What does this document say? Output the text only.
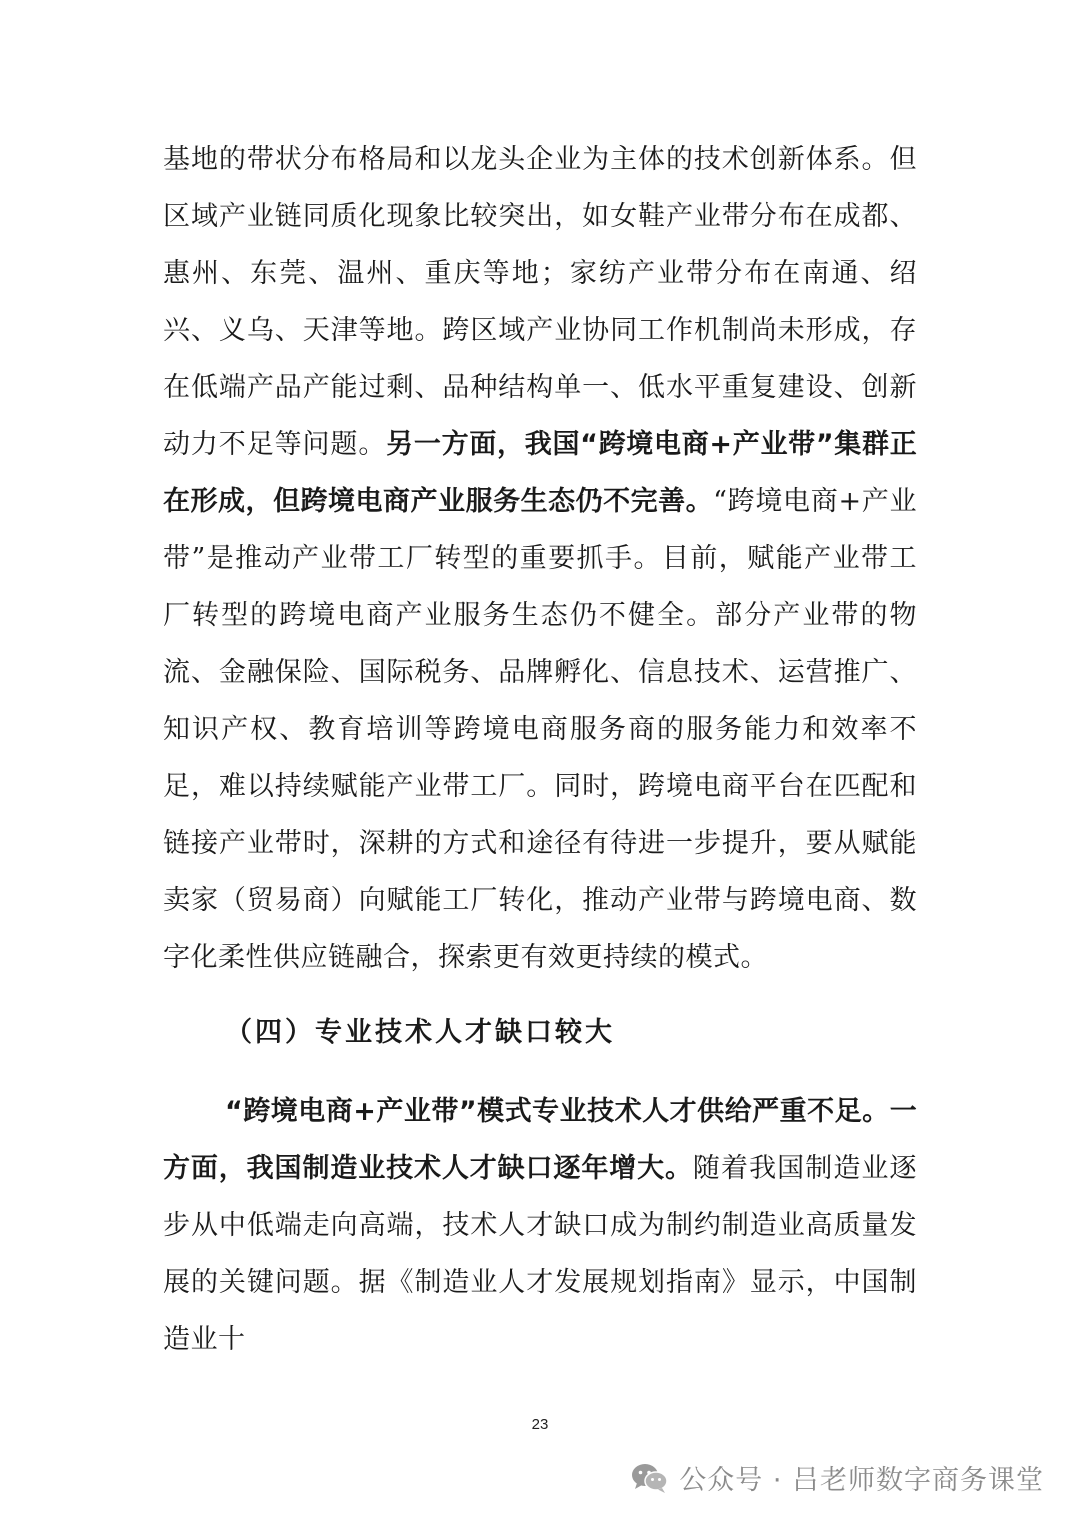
基地的带状分布格局和以龙头企业为主体的技术创新体系。但区域产业链同质化现象比较突出，如女鞋产业带分布在成都、惠州、东莞、温州、重庆等地；家纺产业带分布在南通、绍兴、义乌、天津等地。跨区域产业协同工作机制尚未形成，存在低端产品产能过剩、品种结构单一、低水平重复建设、创新动力不足等问题。另一方面，我国“跨境电商+产业带”集群正在形成，但跨境电商产业服务生态仍不完善。“跨境电商+产业带”是推动产业带工厂转型的重要抓手。目前，赋能产业带工厂转型的跨境电商产业服务生态仍不健全。部分产业带的物流、金融保险、国际税务、品牌孵化、信息技术、运营推广、知识产权、教育培训等跨境电商服务商的服务能力和效率不足，难以持续赋能产业带工厂。同时，跨境电商平台在匹配和链接产业带时，深耕的方式和途径有待进一步提升，要从赋能卖家（贸易商）向赋能工厂转化，推动产业带与跨境电商、数字化柔性供应链融合，探索更有效更持续的模式。
（四）专业技术人才缺口较大
“跨境电商+产业带”模式专业技术人才供给严重不足。一方面，我国制造业技术人才缺口逐年增大。随着我国制造业逐步从中低端走向高端，技术人才缺口成为制约制造业高质量发展的关键问题。据《制造业人才发展规划指南》显示，中国制造业十
23
公众号 · 吕老师数字商务课堂
